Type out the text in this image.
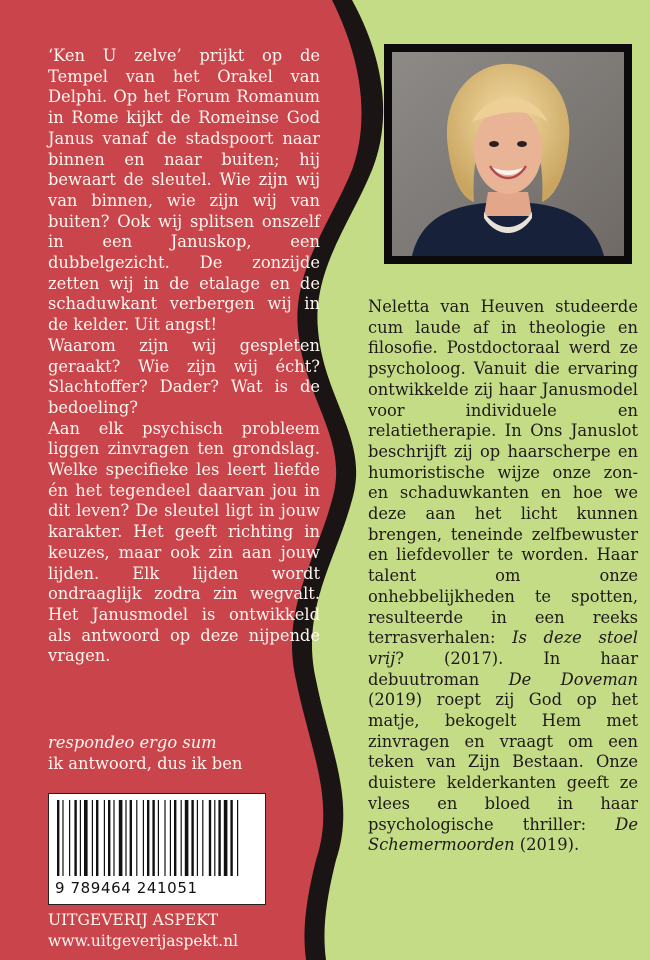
‘Ken U zelve’ prijkt op de Tempel van het Orakel van Delphi. Op het Forum Romanum in Rome kijkt de Romeinse God Janus vanaf de stadspoort naar binnen en naar buiten; hij bewaart de sleutel. Wie zijn wij van binnen, wie zijn wij van buiten? Ook wij splitsen onszelf in een Januskop, een dubbelgezicht. De zonzijde zetten wij in de etalage en de schaduwkant verbergen wij in de kelder. Uit angst!

Waarom zijn wij gespleten geraakt? Wie zijn wij écht? Slachtoffer? Dader? Wat is de bedoeling?

Aan elk psychisch probleem liggen zinvragen ten grondslag. Welke specifieke les leert liefde én het tegendeel daarvan jou in dit leven? De sleutel ligt in jouw karakter. Het geeft richting in keuzes, maar ook zin aan jouw lijden. Elk lijden wordt ondraaglijk zodra zin wegvalt. Het Janusmodel is ontwikkeld als antwoord op deze nijpende vragen.

respondeo ergo sum
ik antwoord, dus ik ben
9 789464 241051
UITGEVERIJ ASPEKT
www.uitgeverijaspekt.nl

Neletta van Heuven studeerde cum laude af in theologie en filosofie. Postdoctoraal werd ze psycholoog. Vanuit die ervaring ontwikkelde zij haar Janusmodel voor individuele en relatietherapie. In Ons Januslot beschrijft zij op haarscherpe en humoristische wijze onze zon- en schaduwkanten en hoe we deze aan het licht kunnen brengen, teneinde zelfbewuster en liefdevoller te worden. Haar talent om onze onhebbelijkheden te spotten, resulteerde in een reeks terrasverhalen: Is deze stoel vrij? (2017). In haar debuutroman De Doveman (2019) roept zij God op het matje, bekogelt Hem met zinvragen en vraagt om een teken van Zijn Bestaan. Onze duistere kelderkanten geeft ze vlees en bloed in haar psychologische thriller: De Schemermoorden (2019).
